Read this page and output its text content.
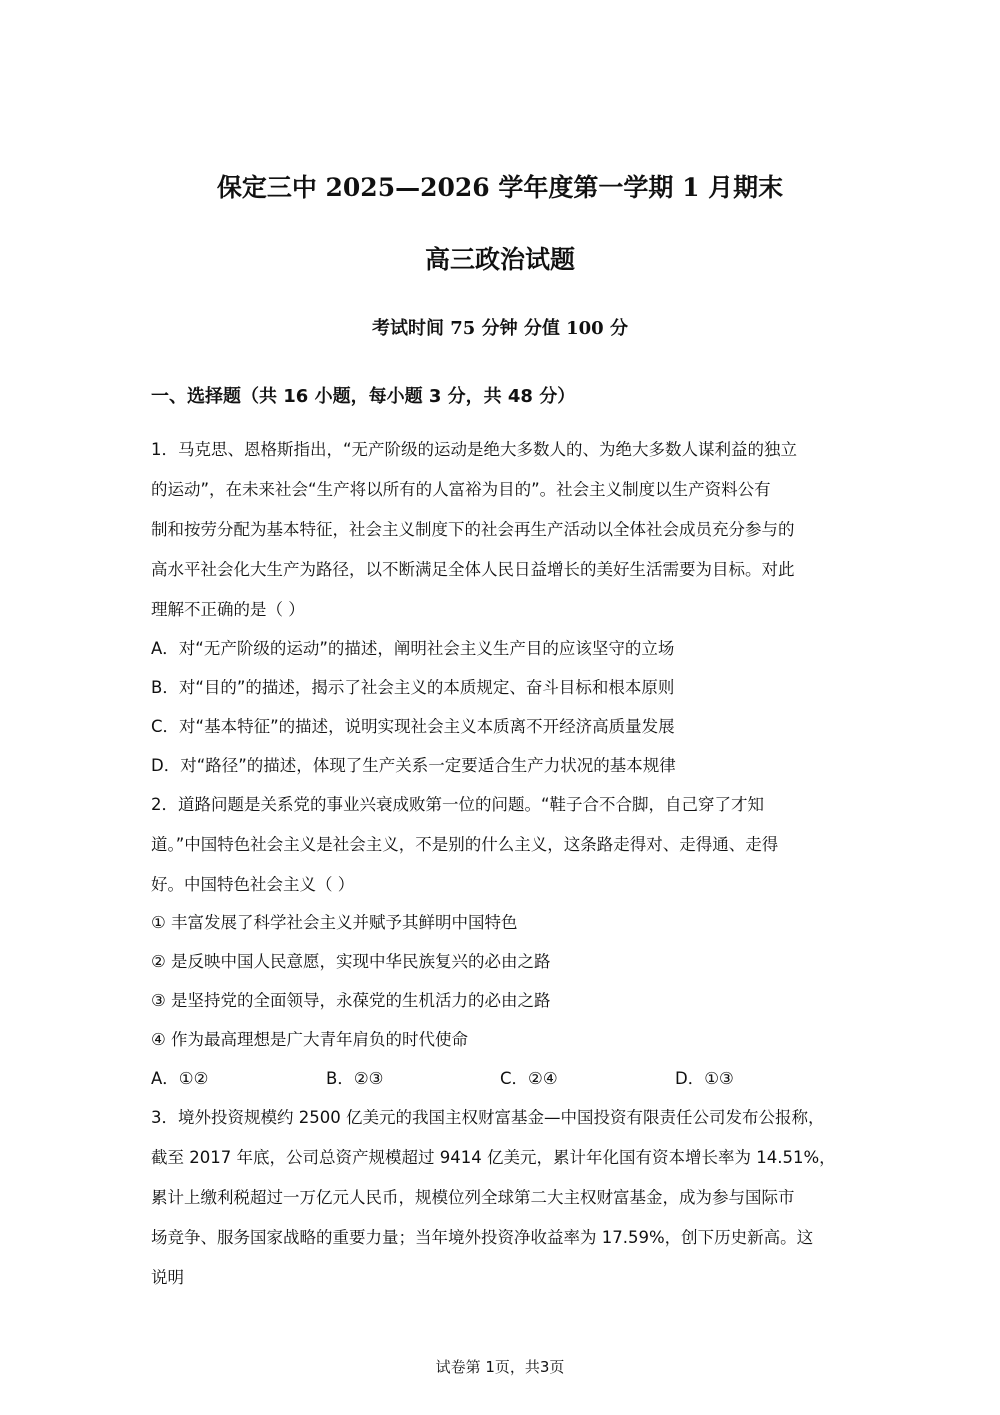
保定三中 2025—2026 学年度第一学期 1 月期末
高三政治试题
考试时间 75 分钟 分值 100 分
一、选择题（共 16 小题，每小题 3 分，共 48 分）
1．马克思、恩格斯指出，“无产阶级的运动是绝大多数人的、为绝大多数人谋利益的独立
的运动”，在未来社会“生产将以所有的人富裕为目的”。社会主义制度以生产资料公有
制和按劳分配为基本特征，社会主义制度下的社会再生产活动以全体社会成员充分参与的
高水平社会化大生产为路径，以不断满足全体人民日益增长的美好生活需要为目标。对此
理解不正确的是（ ）
A．对“无产阶级的运动”的描述，阐明社会主义生产目的应该坚守的立场
B．对“目的”的描述，揭示了社会主义的本质规定、奋斗目标和根本原则
C．对“基本特征”的描述，说明实现社会主义本质离不开经济高质量发展
D．对“路径”的描述，体现了生产关系一定要适合生产力状况的基本规律
2．道路问题是关系党的事业兴衰成败第一位的问题。“鞋子合不合脚，自己穿了才知
道。”中国特色社会主义是社会主义，不是别的什么主义，这条路走得对、走得通、走得
好。中国特色社会主义（ ）
① 丰富发展了科学社会主义并赋予其鲜明中国特色
② 是反映中国人民意愿，实现中华民族复兴的必由之路
③ 是坚持党的全面领导，永葆党的生机活力的必由之路
④ 作为最高理想是广大青年肩负的时代使命
A．①②	B．②③	C．②④	D．①③
3．境外投资规模约 2500 亿美元的我国主权财富基金—中国投资有限责任公司发布公报称，
截至 2017 年底，公司总资产规模超过 9414 亿美元，累计年化国有资本增长率为 14.51%，
累计上缴利税超过一万亿元人民币，规模位列全球第二大主权财富基金，成为参与国际市
场竞争、服务国家战略的重要力量；当年境外投资净收益率为 17.59%，创下历史新高。这
说明
试卷第 1页，共3页
